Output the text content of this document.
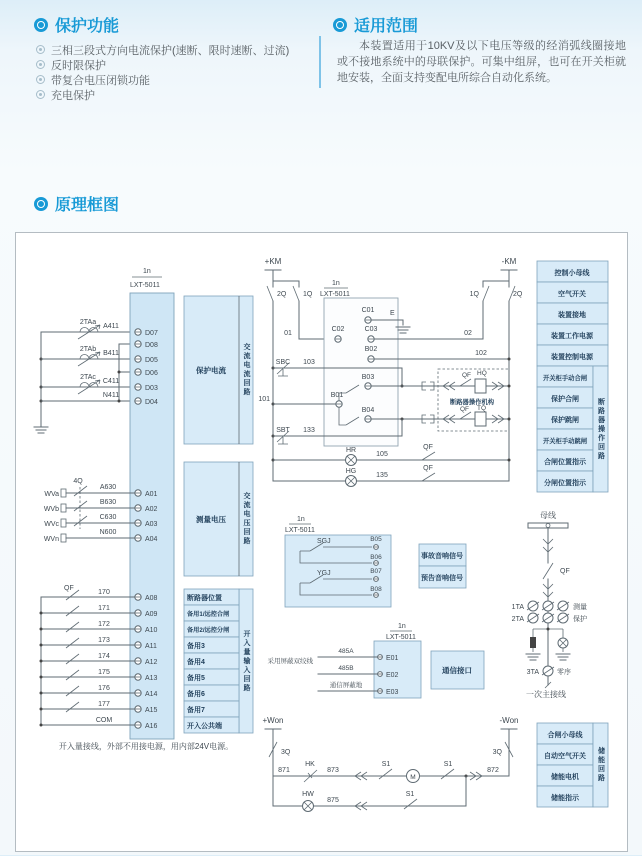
保护功能
三相三段式方向电流保护(速断、限时速断、过流)
反时限保护
带复合电压闭锁功能
充电保护
适用范围

本装置适用于10KV及以下电压等级的经消弧线圈接地或不接地系统中的母联保护。可集中组屏，也可在开关柜就地安装，全面支持变配电所综合自动化系统。

原理框图
2TAa
2TAb
2TAc
A411
B411
C411
N411
1n
LXT-5011
D07
D08
D05
D06
D03
D04
A01
A02
A03
A04
A08
A09
A10
A11
A12
A13
A14
A15
A16
WVa
WVb
WVc
WVn
4Q
A630
B630
C630
N600
QF
170
171
172
173
174
175
176
177
COM
开入量接线，外部不用接电源，用内部24V电源。
保护电流
测量电压
断路器位置
备用1/远控合闸
备用2/远控分闸
备用3
备用4
备用5
备用6
备用7
开入公共端
+KM
2Q 1Q
01
-KM
1Q	2Q
1n
LXT-5011
C01 E
C02	C03
02
B02
102
SBC 103
B01
101
B03
B04
SBT 133
QF HQ
断路器操作机构
QF TQ
HR
105
QF
HG
135
QF
控制小母线
空气开关
装置接地
装置工作电源
装置控制电源
开关柜手动合闸
保护合闸
保护跳闸
开关柜手动跳闸
合闸位置指示
分闸位置指示
1n
LXT-5011
SGJ	B05
B06
YGJ	B07
B08
事故音响信号
预告音响信号
1n
LXT-5011
采用屏蔽双绞线
485A
485B
通信屏蔽地
E01
E02
E03
通信接口
母线
QF
1TA	测量
2TA	保护
3TA	零序
一次主接线
+Won
3Q
-Won
3Q
871
HK
873
S1
M
S1
872
HW
875
S1
合闸小母线
自动空气开关
储能电机
储能指示
交流电流回路
交流电压回路
开入量输入回路
断路器操作回路
储能回路
